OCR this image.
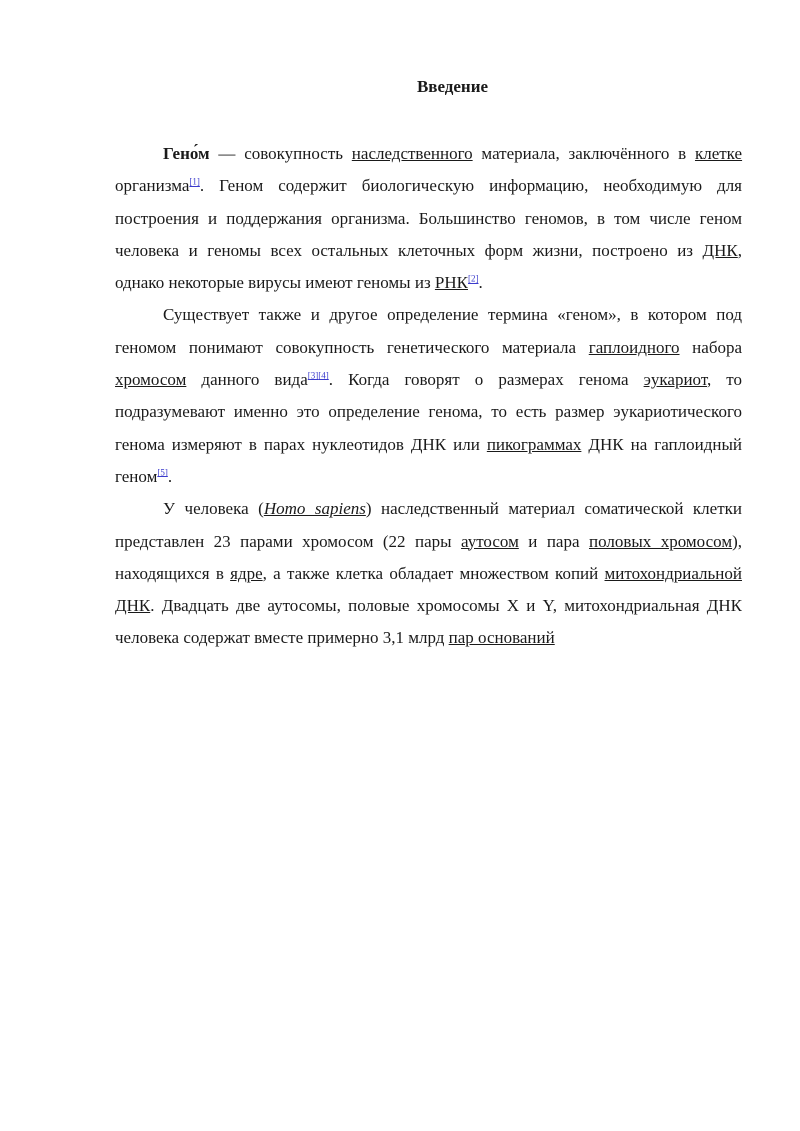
Введение

Гено́м — совокупность наследственного материала, заключённого в клетке организма[1]. Геном содержит биологическую информацию, необходимую для построения и поддержания организма. Большинство геномов, в том числе геном человека и геномы всех остальных клеточных форм жизни, построено из ДНК, однако некоторые вирусы имеют геномы из РНК[2].

Существует также и другое определение термина «геном», в котором под геномом понимают совокупность генетического материала гаплоидного набора хромосом данного вида[3][4]. Когда говорят о размерах генома эукариот, то подразумевают именно это определение генома, то есть размер эукариотического генома измеряют в парах нуклеотидов ДНК или пикограммах ДНК на гаплоидный геном[5].

У человека (Homo sapiens) наследственный материал соматической клетки представлен 23 парами хромосом (22 пары аутосом и пара половых хромосом), находящихся в ядре, а также клетка обладает множеством копий митохондриальной ДНК. Двадцать две аутосомы, половые хромосомы X и Y, митохондриальная ДНК человека содержат вместе примерно 3,1 млрд пар оснований
